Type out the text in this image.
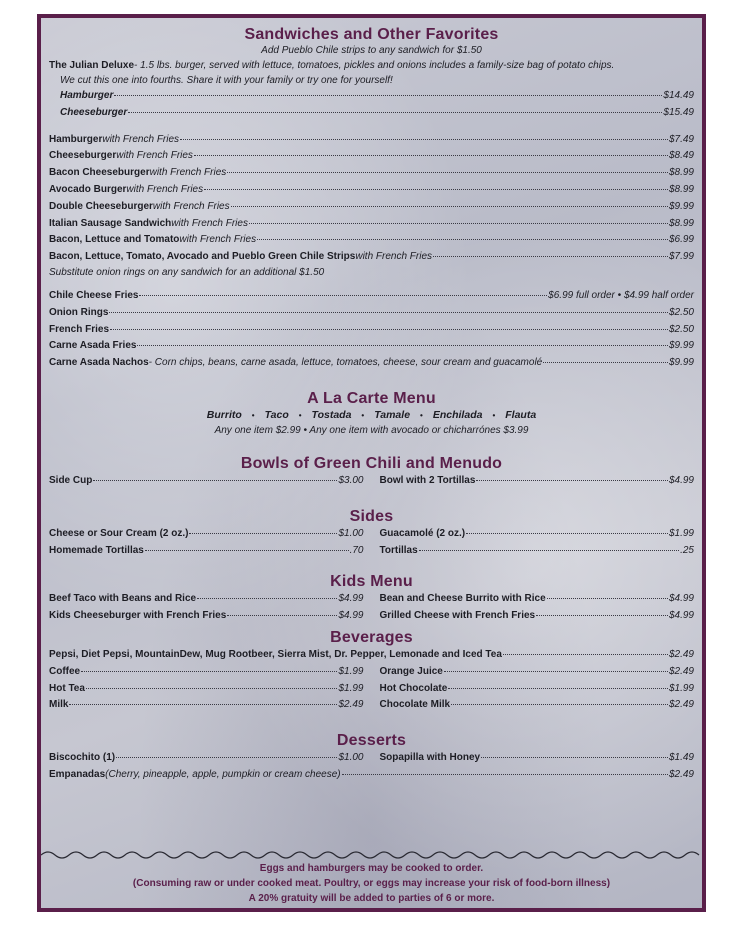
Sandwiches and Other Favorites
Add Pueblo Chile strips to any sandwich for $1.50
The Julian Deluxe - 1.5 lbs. burger, served with lettuce, tomatoes, pickles and onions includes a family-size bag of potato chips.
We cut this one into fourths. Share it with your family or try one for yourself!
Hamburger	$14.49
Cheeseburger	$15.49
Hamburger with French Fries	$7.49
Cheeseburger with French Fries	$8.49
Bacon Cheeseburger with French Fries	$8.99
Avocado Burger with French Fries	$8.99
Double Cheeseburger with French Fries	$9.99
Italian Sausage Sandwich with French Fries	$8.99
Bacon, Lettuce and Tomato with French Fries	$6.99
Bacon, Lettuce, Tomato, Avocado and Pueblo Green Chile Strips with French Fries	$7.99
Substitute onion rings on any sandwich for an additional $1.50
Chile Cheese Fries	$6.99 full order • $4.99 half order
Onion Rings	$2.50
French Fries	$2.50
Carne Asada Fries	$9.99
Carne Asada Nachos - Corn chips, beans, carne asada, lettuce, tomatoes, cheese, sour cream and guacamolé	$9.99
A La Carte Menu
Burrito • Taco • Tostada • Tamale • Enchilada • Flauta
Any one item $2.99 • Any one item with avocado or chicharrónes $3.99
Bowls of Green Chili and Menudo
Side Cup	$3.00 Bowl with 2 Tortillas	$4.99
Sides
Cheese or Sour Cream (2 oz.)	$1.00
Homemade Tortillas	.70
Guacamolé (2 oz.)	$1.99
Tortillas	.25
Kids Menu
Beef Taco with Beans and Rice	$4.99
Kids Cheeseburger with French Fries	$4.99
Bean and Cheese Burrito with Rice	$4.99
Grilled Cheese with French Fries	$4.99
Beverages
Pepsi, Diet Pepsi, MountainDew, Mug Rootbeer, Sierra Mist, Dr. Pepper, Lemonade and Iced Tea	$2.49
Coffee	$1.99
Hot Tea	$1.99
Milk	$2.49
Orange Juice	$2.49
Hot Chocolate	$1.99
Chocolate Milk	$2.49
Desserts
Biscochito (1)	$1.00 Sopapilla with Honey	$1.49
Empanadas (Cherry, pineapple, apple, pumpkin or cream cheese)	$2.49
Eggs and hamburgers may be cooked to order.
(Consuming raw or under cooked meat. Poultry, or eggs may increase your risk of food-born illness)
A 20% gratuity will be added to parties of 6 or more.
